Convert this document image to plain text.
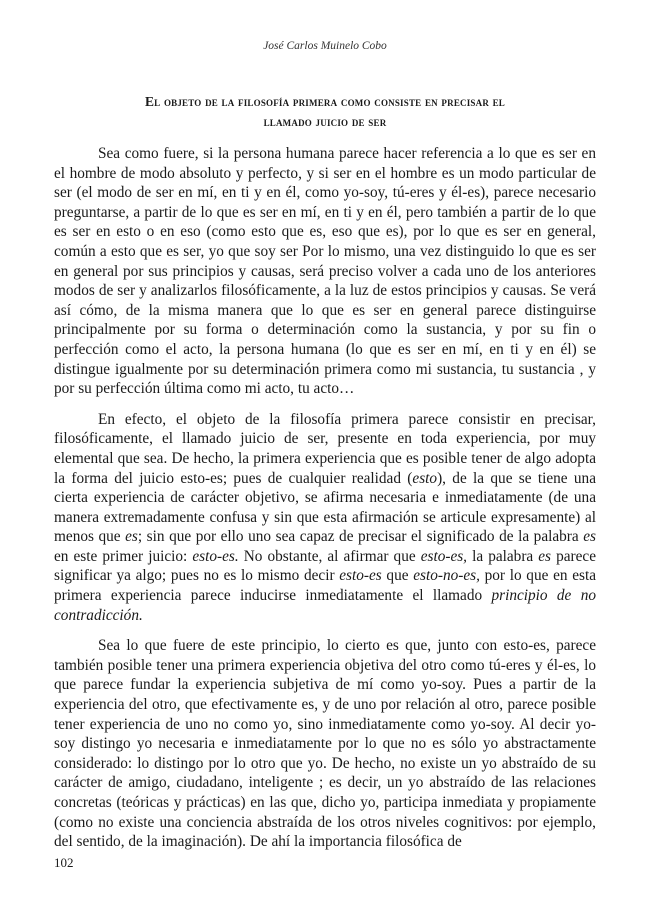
José Carlos Muinelo Cobo
El objeto de la filosofía primera como consiste en precisar el
llamado juicio de ser

Sea como fuere, si la persona humana parece hacer referencia a lo que es ser en el hombre de modo absoluto y perfecto, y si ser en el hombre es un modo particular de ser (el modo de ser en mí, en ti y en él, como yo-soy, tú-eres y él-es), parece necesario preguntarse, a partir de lo que es ser en mí, en ti y en él, pero también a partir de lo que es ser en esto o en eso (como esto que es, eso que es), por lo que es ser en general, común a esto que es ser, yo que soy ser Por lo mismo, una vez distinguido lo que es ser en general por sus principios y causas, será preciso volver a cada uno de los anteriores modos de ser y analizarlos filosóficamente, a la luz de estos principios y causas. Se verá así cómo, de la misma manera que lo que es ser en general parece distinguirse principalmente por su forma o determinación como la sustancia, y por su fin o perfección como el acto, la persona humana (lo que es ser en mí, en ti y en él) se distingue igualmente por su determinación primera como mi sustancia, tu sustancia , y por su perfección última como mi acto, tu acto…

En efecto, el objeto de la filosofía primera parece consistir en precisar, filosóficamente, el llamado juicio de ser, presente en toda experiencia, por muy elemental que sea. De hecho, la primera experiencia que es posible tener de algo adopta la forma del juicio esto-es; pues de cualquier realidad (esto), de la que se tiene una cierta experiencia de carácter objetivo, se afirma necesaria e inmediatamente (de una manera extremadamente confusa y sin que esta afirmación se articule expresamente) al menos que es; sin que por ello uno sea capaz de precisar el significado de la palabra es en este primer juicio: esto-es. No obstante, al afirmar que esto-es, la palabra es parece significar ya algo; pues no es lo mismo decir esto-es que esto-no-es, por lo que en esta primera experiencia parece inducirse inmediatamente el llamado principio de no contradicción.

Sea lo que fuere de este principio, lo cierto es que, junto con esto-es, parece también posible tener una primera experiencia objetiva del otro como tú-eres y él-es, lo que parece fundar la experiencia subjetiva de mí como yo-soy. Pues a partir de la experiencia del otro, que efectivamente es, y de uno por relación al otro, parece posible tener experiencia de uno no como yo, sino inmediatamente como yo-soy. Al decir yo-soy distingo yo necesaria e inmediatamente por lo que no es sólo yo abstractamente considerado: lo distingo por lo otro que yo. De hecho, no existe un yo abstraído de su carácter de amigo, ciudadano, inteligente ; es decir, un yo abstraído de las relaciones concretas (teóricas y prácticas) en las que, dicho yo, participa inmediata y propiamente (como no existe una conciencia abstraída de los otros niveles cognitivos: por ejemplo, del sentido, de la imaginación). De ahí la importancia filosófica de

102
